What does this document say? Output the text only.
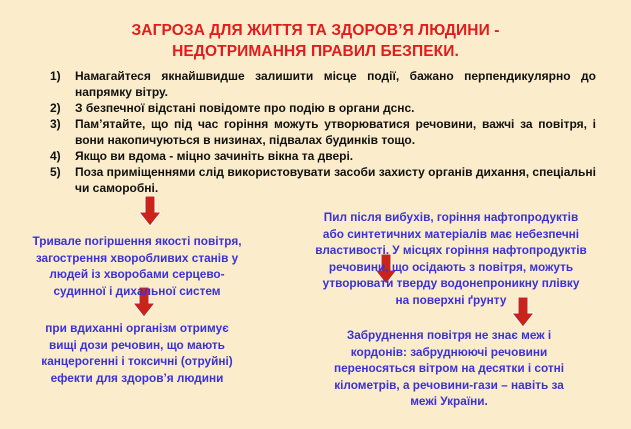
ЗАГРОЗА ДЛЯ ЖИТТЯ ТА ЗДОРОВ’Я ЛЮДИНИ -
НЕДОТРИМАННЯ ПРАВИЛ БЕЗПЕКИ.
1) Намагайтеся якнайшвидше залишити місце події, бажано перпендикулярно до напрямку вітру.
2) З безпечної відстані повідомте про подію в органи дснс.
3) Пам’ятайте, що під час горіння можуть утворюватися речовини, важчі за повітря, і вони накопичуються в низинах, підвалах будинків тощо.
4) Якщо ви вдома - міцно зачиніть вікна та двері.
5) Поза приміщеннями слід використовувати засоби захисту органів дихання, спеціальні чи саморобні.
Тривале погіршення якості повітря,
загострення хворобливих станів у
людей із хворобами серцево-
судинної і дихальної систем
при вдиханні організм отримує
вищі дози речовин, що мають
канцерогенні і токсичні (отруйні)
ефекти для здоров’я людини
Пил після вибухів, горіння нафтопродуктів
або синтетичних матеріалів має небезпечні
властивості. У місцях горіння нафтопродуктів
речовини, що осідають з повітря, можуть
утворювати тверду водонепроникну плівку
на поверхні ґрунту
Забруднення повітря не знає меж і
кордонів: забруднюючі речовини
переносяться вітром на десятки і сотні
кілометрів, а речовини-гази – навіть за
межі України.
